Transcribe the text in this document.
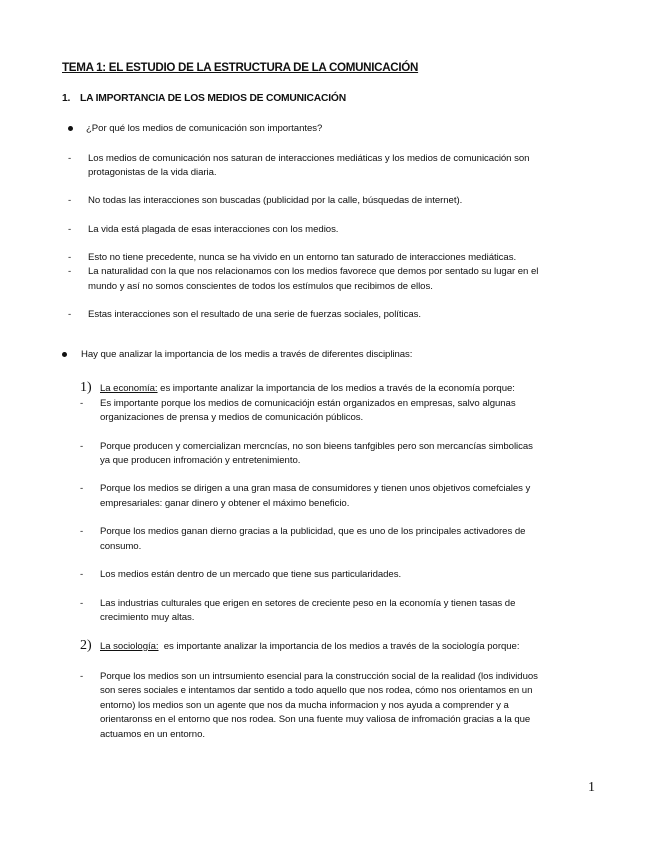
TEMA 1: EL ESTUDIO DE LA ESTRUCTURA DE LA COMUNICACIÓN
1. LA IMPORTANCIA DE LOS MEDIOS DE COMUNICACIÓN
¿Por qué los medios de comunicación son importantes?
- Los medios de comunicación nos saturan de interacciones mediáticas y los medios de comunicación son
protagonistas de la vida diaria.
- No todas las interacciones son buscadas (publicidad por la calle, búsquedas de internet).
- La vida está plagada de esas interacciones con los medios.
- Esto no tiene precedente, nunca se ha vivido en un entorno tan saturado de interacciones mediáticas.
- La naturalidad con la que nos relacionamos con los medios favorece que demos por sentado su lugar en el
mundo y así no somos conscientes de todos los estímulos que recibimos de ellos.
- Estas interacciones son el resultado de una serie de fuerzas sociales, políticas.
Hay que analizar la importancia de los medis a través de diferentes disciplinas:
1) La economía: es importante analizar la importancia de los medios a través de la economía porque:
- Es importante porque los medios de comunicacióјn están organizados en empresas, salvo algunas
organizaciones de prensa y medios de comunicación públicos.
- Porque producen y comercializan mercncías, no son bieens tanfgibles pero son mercancías simbolicas
ya que producen infromación y entretenimiento.
- Porque los medios se dirigen a una gran masa de consumidores y tienen unos objetivos comefciales y
empresariales: ganar dinero y obtener el máximo beneficio.
- Porque los medios ganan dierno gracias a la publicidad, que es uno de los principales activadores de
consumo.
- Los medios están dentro de un mercado que tiene sus particularidades.
- Las industrias culturales que erigen en setores de creciente peso en la economía y tienen tasas de
crecimiento muy altas.
2) La sociología:  es importante analizar la importancia de los medios a través de la sociología porque:
- Porque los medios son un intrsumiento esencial para la construcción social de la realidad (los individuos
son seres sociales e intentamos dar sentido a todo aquello que nos rodea, cómo nos orientamos en un
entorno) los medios son un agente que nos da mucha informacion y nos ayuda a comprender y a
orientaronss en el entorno que nos rodea. Son una fuente muy valiosa de infromación gracias a la que
actuamos en un entorno.
1
